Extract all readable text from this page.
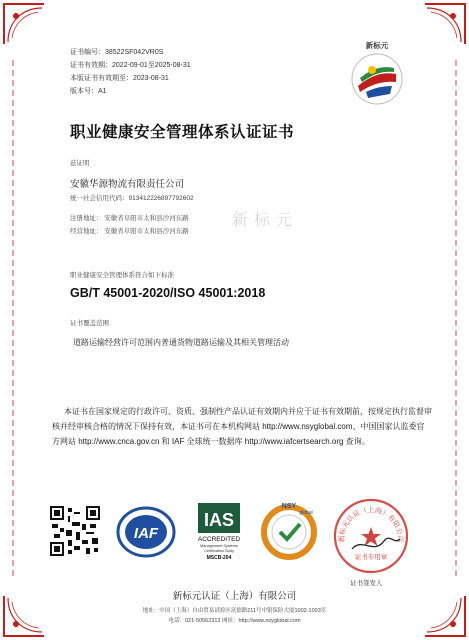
证书编号：38522SF042VR0S
证书有效期：2022-09-01至2025-08-31
本版证书有效期至：2023-08-31
版本号：A1
新标元
职业健康安全管理体系认证证书
兹证明
安徽华源物流有限责任公司
统一社会信用代码：913412226897792602
注册地址： 安徽省阜阳市太和县沙河东路
经营地址： 安徽省阜阳市太和县沙河东路
新标元
职业健康安全管理体系符合如下标准
GB/T 45001-2020/ISO 45001:2018
证书覆盖范围
道路运输经营许可范围内普通货物道路运输及其相关管理活动
本证书在国家规定的行政许可、资质、强制性产品认证有效期内并应于证书有效期前，按规定执行监督审核并经审核合格的情况下保持有效，本证书可在本机构网站 http://www.nsyglobal.com、中国国家认监委官方网站 http://www.cnca.gov.cn 和 IAF 全球统一数据库 http://www.iafcertsearch.org 查询。
IAF
IAS
ACCREDITED
Management Systems
Certification Body
MSCB-204
NSY
global
新标元认证（上海）有限公司
证书专用章
证书签发人
新标元认证（上海）有限公司
地址：中国（上海）自由贸易试验区富德路211号中银保险大厦1002-1003室
电话：021-50562313 网址：http://www.nsyglobal.com
